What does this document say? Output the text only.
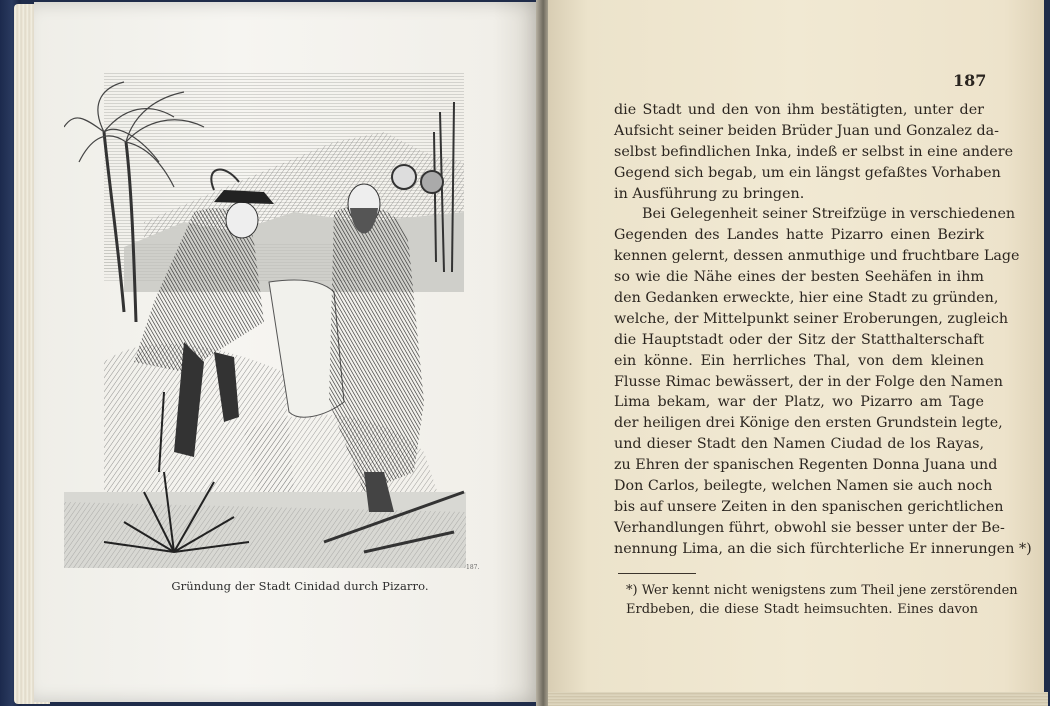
Gründung der Stadt Cinidad durch Pizarro.
187.
187
die Stadt und den von ihm bestätigten, unter der
Aufsicht seiner beiden Brüder Juan und Gonzalez da-
selbst befindlichen Inka, indeß er selbst in eine andere
Gegend sich begab, um ein längst gefaßtes Vorhaben
in Ausführung zu bringen.
Bei Gelegenheit seiner Streifzüge in verschiedenen
Gegenden des Landes hatte Pizarro einen Bezirk
kennen gelernt, dessen anmuthige und fruchtbare Lage
so wie die Nähe eines der besten Seehäfen in ihm
den Gedanken erweckte, hier eine Stadt zu gründen,
welche, der Mittelpunkt seiner Eroberungen, zugleich
die Hauptstadt oder der Sitz der Statthalterschaft
ein könne. Ein herrliches Thal, von dem kleinen
Flusse Rimac bewässert, der in der Folge den Namen
Lima bekam, war der Platz, wo Pizarro am Tage
der heiligen drei Könige den ersten Grundstein legte,
und dieser Stadt den Namen Ciudad de los Rayas,
zu Ehren der spanischen Regenten Donna Juana und
Don Carlos, beilegte, welchen Namen sie auch noch
bis auf unsere Zeiten in den spanischen gerichtlichen
Verhandlungen führt, obwohl sie besser unter der Be-
nennung Lima, an die sich fürchterliche Er innerungen *)
*) Wer kennt nicht wenigstens zum Theil jene zerstörenden
Erdbeben, die diese Stadt heimsuchten. Eines davon
